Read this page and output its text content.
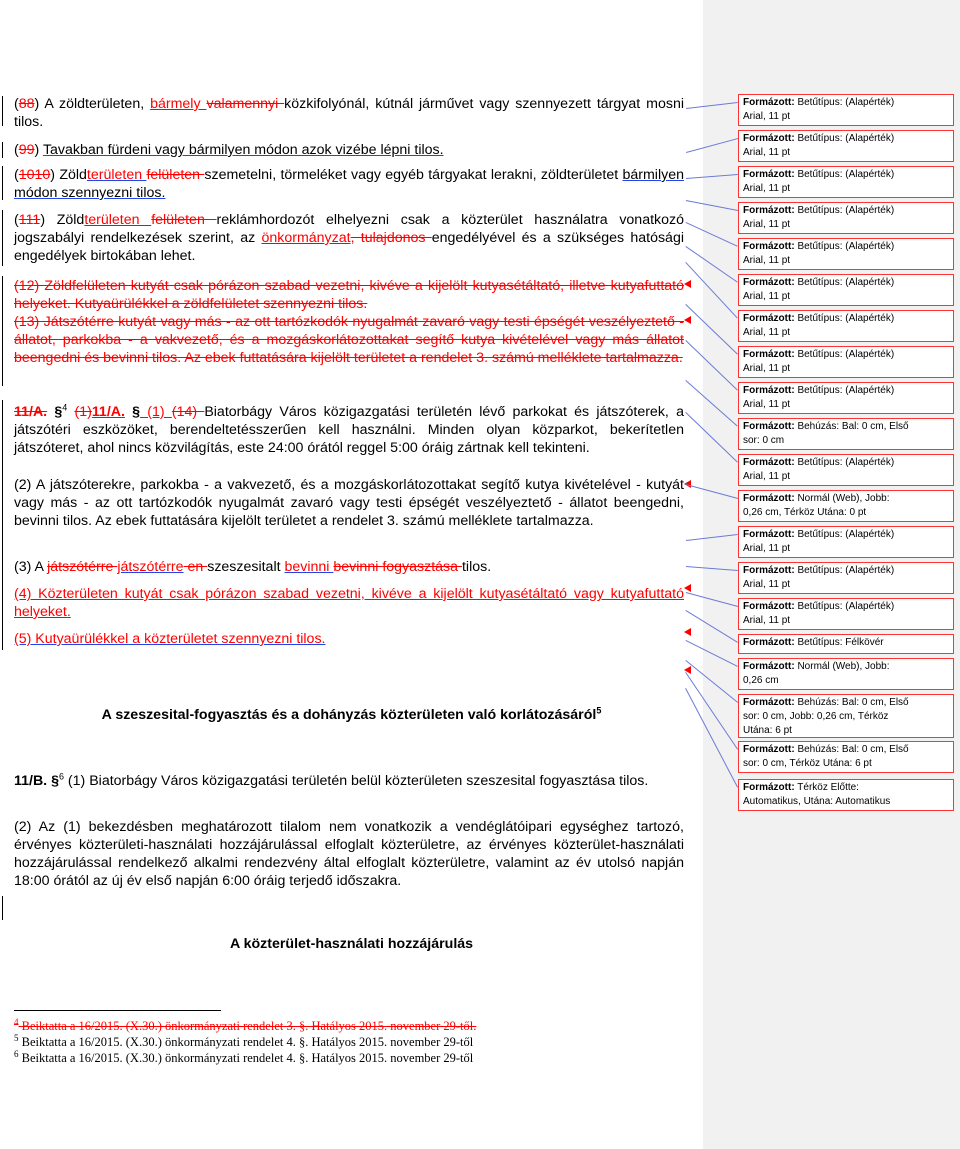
(88) A zöldterületen, bármely valamennyi közkifolyónál, kútnál járművet vagy szennyezett tárgyat mosni tilos.
(99) Tavakban fürdeni vagy bármilyen módon azok vizébe lépni tilos.
(1010) Zöldterületen felületen szemetelni, törmeléket vagy egyéb tárgyakat lerakni, zöldterületet bármilyen módon szennyezni tilos.
(111) Zöldterületen felületen reklámhordozót elhelyezni csak a közterület használatra vonatkozó jogszabályi rendelkezések szerint, az önkormányzat, tulajdonos engedélyével és a szükséges hatósági engedélyek birtokában lehet.
(12) Zöldfelületen kutyát csak pórázon szabad vezetni, kivéve a kijelölt kutyasétáltató, illetve kutyafuttató helyeket. Kutyaürülékkel a zöldfelületet szennyezni tilos.
(13) Játszótérre kutyát vagy más - az ott tartózkodók nyugalmát zavaró vagy testi épségét veszélyeztető - állatot, parkokba - a vakvezető, és a mozgáskorlátozottakat segítő kutya kivételével vagy más állatot beengedni és bevinni tilos. Az ebek futtatására kijelölt területet a rendelet 3. számú melléklete tartalmazza.
11/A. §$^4$ (1)11/A. § (1) (14) Biatorbágy Város közigazgatási területén lévő parkokat és játszóterek, a játszótéri eszközöket, berendeltetésszerűen kell használni. Minden olyan közparkot, bekerítetlen játszóteret, ahol nincs közvilágítás, este 24:00 órától reggel 5:00 óráig zártnak kell tekinteni.
(2) A játszóterekre, parkokba - a vakvezető, és a mozgáskorlátozottakat segítő kutya kivételével - kutyát vagy más - az ott tartózkodók nyugalmát zavaró vagy testi épségét veszélyeztető - állatot beengedni, bevinni tilos. Az ebek futtatására kijelölt területet a rendelet 3. számú melléklete tartalmazza.
(3) A játszótérre játszótérre en szeszesitalt bevinni bevinni fogyasztása tilos.
(4) Közterületen kutyát csak pórázon szabad vezetni, kivéve a kijelölt kutyasétáltató vagy kutyafuttató helyeket.
(5) Kutyaürülékkel a közterületet szennyezni tilos.
A szeszesital-fogyasztás és a dohányzás közterületen való korlátozásáról$^5$
11/B. §$^6$ (1) Biatorbágy Város közigazgatási területén belül közterületen szeszesital fogyasztása tilos.
(2) Az (1) bekezdésben meghatározott tilalom nem vonatkozik a vendéglátóipari egységhez tartozó, érvényes közterületi-használati hozzájárulással elfoglalt közterületre, az érvényes közterület-használati hozzájárulással rendelkező alkalmi rendezvény által elfoglalt közterületre, valamint az év utolsó napján 18:00 órától az új év első napján 6:00 óráig terjedő időszakra.
A közterület-használati hozzájárulás
$^4$ Beiktatta a 16/2015. (X.30.) önkormányzati rendelet 3. §. Hatályos 2015. november 29-től.
$^5$ Beiktatta a 16/2015. (X.30.) önkormányzati rendelet 4. §. Hatályos 2015. november 29-től
$^6$ Beiktatta a 16/2015. (X.30.) önkormányzati rendelet 4. §. Hatályos 2015. november 29-től
Formázott: Betűtípus: (Alapérték)
Arial, 11 pt
Formázott: Betűtípus: (Alapérték)
Arial, 11 pt
Formázott: Betűtípus: (Alapérték)
Arial, 11 pt
Formázott: Betűtípus: (Alapérték)
Arial, 11 pt
Formázott: Betűtípus: (Alapérték)
Arial, 11 pt
Formázott: Betűtípus: (Alapérték)
Arial, 11 pt
Formázott: Betűtípus: (Alapérték)
Arial, 11 pt
Formázott: Betűtípus: (Alapérték)
Arial, 11 pt
Formázott: Betűtípus: (Alapérték)
Arial, 11 pt
Formázott: Behúzás: Bal: 0 cm, Első
sor: 0 cm
Formázott: Betűtípus: (Alapérték)
Arial, 11 pt
Formázott: Normál (Web), Jobb:
0,26 cm, Térköz Utána: 0 pt
Formázott: Betűtípus: (Alapérték)
Arial, 11 pt
Formázott: Betűtípus: (Alapérték)
Arial, 11 pt
Formázott: Betűtípus: (Alapérték)
Arial, 11 pt
Formázott: Betűtípus: Félkövér
Formázott: Normál (Web), Jobb:
0,26 cm
Formázott: Behúzás: Bal: 0 cm, Első
sor: 0 cm, Jobb: 0,26 cm, Térköz
Utána: 6 pt
Formázott: Behúzás: Bal: 0 cm, Első
sor: 0 cm, Térköz Utána: 6 pt
Formázott: Térköz Előtte:
Automatikus, Utána: Automatikus
